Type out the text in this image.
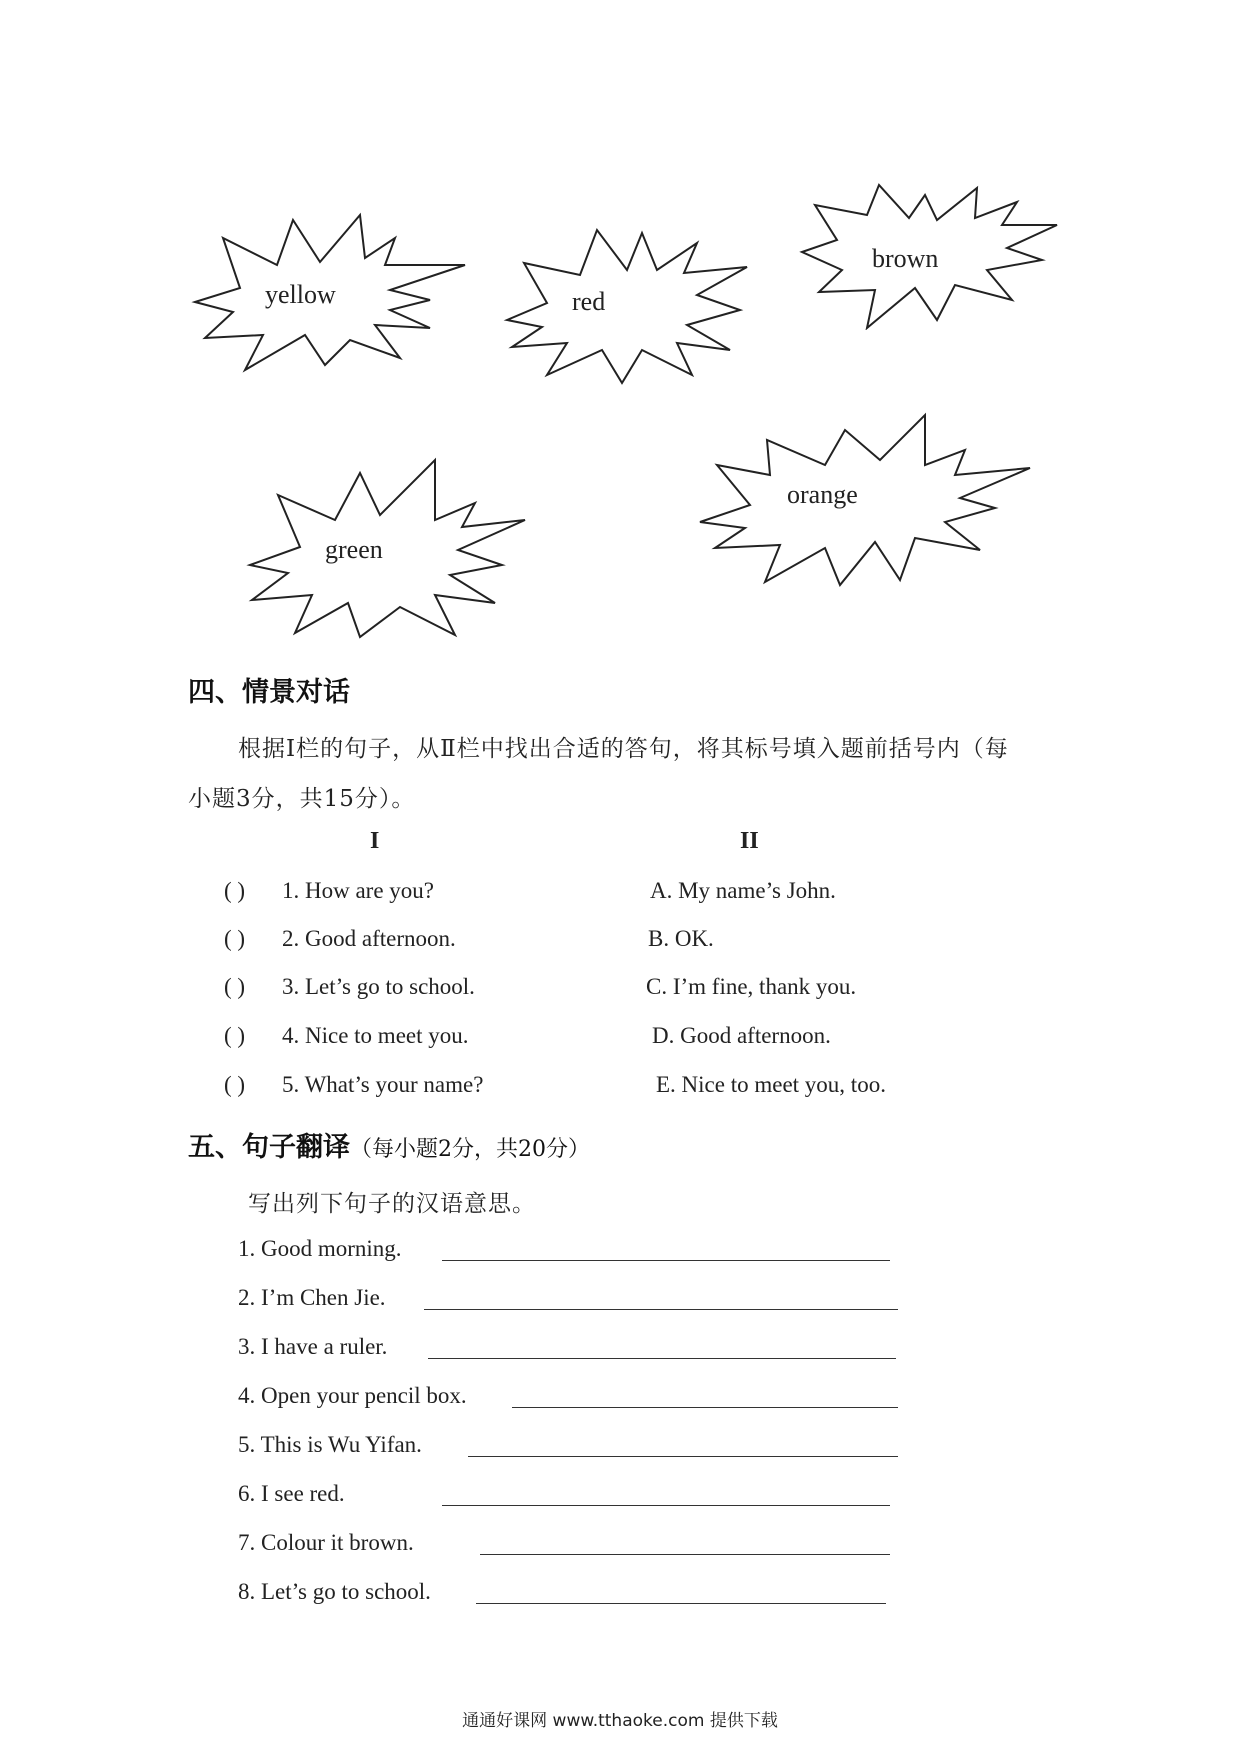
yellow	red
brown
green
orange
四、情景对话
根据Ⅰ栏的句子，从Ⅱ栏中找出合适的答句，将其标号填入题前括号内（每
小题3分，共15分）。
I	II
( ) 1. How are you?	A. My name’s John.
( ) 2. Good afternoon.	B. OK.
( ) 3. Let’s go to school.	C. I’m fine, thank you.
( ) 4. Nice to meet you.	D. Good afternoon.
( ) 5. What’s your name?	E. Nice to meet you, too.
五、句子翻译（每小题2分，共20分）
写出列下句子的汉语意思。
1. Good morning.
2. I’m Chen Jie.
3. I have a ruler.
4. Open your pencil box.
5. This is Wu Yifan.
6. I see red.
7. Colour it brown.
8. Let’s go to school.
通通好课网 www.tthaoke.com 提供下载
